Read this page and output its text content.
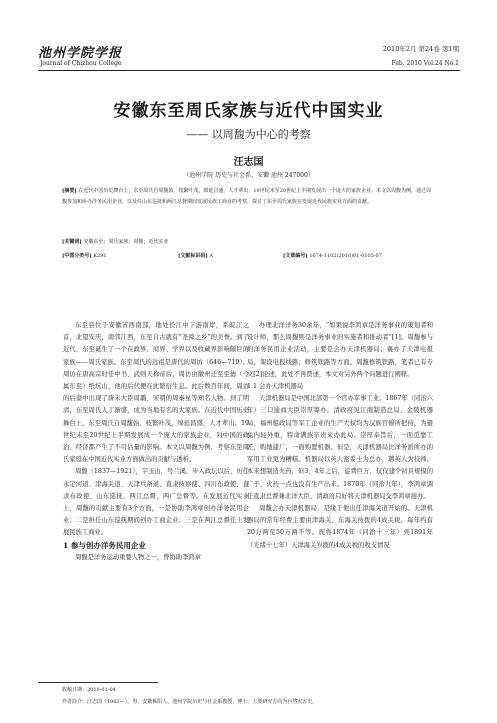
池州学院学报
Journal of Chizhou College
2010年2月 第24卷 第1期
Feb. 2010 Vol.24 No.1
安徽东至周氏家族与近代中国实业
—— 以周馥为中心的考察
汪志国
（池州学院 历史与社会系，安徽 池州 247000）
[摘要] 在近代中国历史舞台上，东至周氏自周馥始，枝繁叶茂，绵延昌盛，人才辈出，19世纪末至20世纪上半期发展出一个庞大的家族企业。本文以周馥为例，通过周馥参加和协办洋务民用企业，以及任山东巡抚和两江总督期间发展民族工商业的考察，探讨了东至周氏家族在发展近代民族实业方面的贡献。
[关键词] 安徽东至；周氏家族；周馥；近代实业
[中图分类号] K291	[文献标识码] A	[文章编号] 1674-1102(2010)01-0105-07

东至县位于安徽省西南部，地处长江中下游南岸，系皖江之首，北望安庆，南邻江西，东至自古就有“尧舜之乡”的美誉。到了近代，东至诞生了一个在政界、商界、学界以及收藏界影响颇巨的家族——周氏家族。东至周氏的远祖是唐代的周访（646—719）。周访在唐高宗时任中书、武则天称帝后，周访由徽州迁至至德（今属东至）纸坑山，他的后代便在此繁衍生息。此后数百年间，周访的后裔中出现了唐末大臣周璐、宋朝的周秦星等知名人物。到了明清，东至周氏人丁渐盛，成为当地有名的大家族。在近代中国历史舞台上，东至周氏自周馥始，枝繁叶茂，绵延昌盛，人才辈出。19世纪末至20世纪上半期发展成一个庞大的家族企业，对中国的政治、经济都产生了不可估量的影响。本文以周馥为例，考察东至周氏家庭在中国近代实业方面做出的贡献与透析。

周馥（1837—1921），字玉山，号兰溪，步入政坛以后，历任永定河道、津海关道、天津兵备道、直隶按察使、四川布政使、直隶布政使、山东巡抚、两江总督、两广总督等。在发展近代实业上，周馥的贡献主要有3个方面，一是协助李鸿章创办洋务民用企业；二是担任山东巡抚期间创办工商企业；三是在两江总督任上发展民族工商业。

1 参与创办洋务民用企业

周馥是洋务运动重要人物之一，曾协助李鸿章

办理北洋洋务30余年，“如果说李鸿章是洋务事业的策划者和设计师，那么周馥则是洋务事业的实施者和推动者”[1]。周馥参与的洋务民用企业活动，主要是会办天津机器局；襄办了天津电报局，架设电报线路；修筑铁路等方面。周馥修筑铁路，笔者已有专文[2]论述，此处不再赘述，本文对另外两个问题进行阐释。

1.1 会办天津机器局

天津机器局是中国北部第一个官办军事工业。1867年（同治六年）三口通商大臣崇厚筹办。清政府见江南制造总局、金陵机器局、福州船政局等军工企业的生产大权均为汉族官僚所把持，为避免内轻外重，特命满族亲贵来办此局。崇厚奉旨后，一面觅靠工匠，购地建厂，一面购置机器。但是，天津机器局比洋务派所办的军用工业更为糟糕。机器局以英人密妥士为总办，聘英人为技师，本来想制造火药，但3、4年之后，徒费巨万，仅仅建个初具规模的厂子，火药一点也没有生产出来。1870年（同治九年），李鸿章调任直隶总督兼北洋大臣，清政府只好将天津机器局交李鸿章接办。

周馥会办天津机器局，是缘于他出任津海关道开始的。天津机器局的常年经费主要由津海关、东海关按拨的4成关税，每年约有20万两至50万两不等。现将1874年（同治十三年）到1891年（光绪十七年）天津海关岁拨的4成关税的收支情况

收稿日期：2010-01-04
作者简介：汪志国（1963—），男，安徽枞阳人，池州学院历史与社会系教授，博士，主要研究方向为自然灾害史。
